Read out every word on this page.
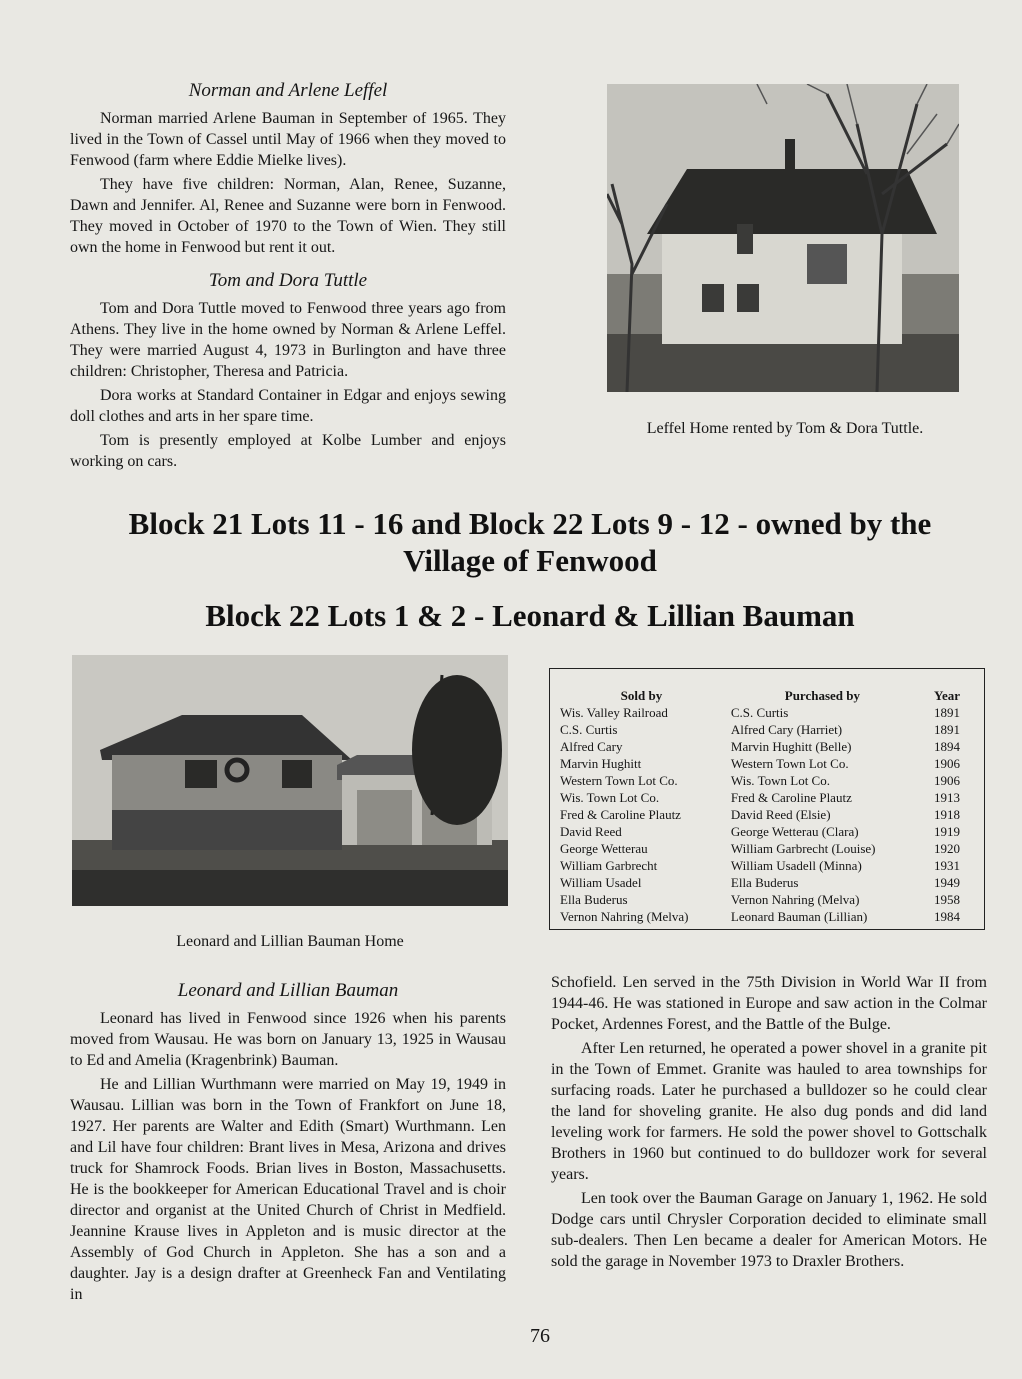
Norman and Arlene Leffel

Norman married Arlene Bauman in September of 1965. They lived in the Town of Cassel until May of 1966 when they moved to Fenwood (farm where Eddie Mielke lives).

They have five children: Norman, Alan, Renee, Suzanne, Dawn and Jennifer. Al, Renee and Suzanne were born in Fenwood. They moved in October of 1970 to the Town of Wien. They still own the home in Fenwood but rent it out.

Tom and Dora Tuttle

Tom and Dora Tuttle moved to Fenwood three years ago from Athens. They live in the home owned by Norman & Arlene Leffel. They were married August 4, 1973 in Burlington and have three children: Christopher, Theresa and Patricia.

Dora works at Standard Container in Edgar and enjoys sewing doll clothes and arts in her spare time.

Tom is presently employed at Kolbe Lumber and enjoys working on cars.

Leffel Home rented by Tom & Dora Tuttle.
Block 21 Lots 11 - 16 and Block 22 Lots 9 - 12 - owned by the Village of Fenwood
Block 22 Lots 1 & 2 - Leonard & Lillian Bauman
Leonard and Lillian Bauman Home
Sold by	Purchased by	Year
Wis. Valley Railroad	C.S. Curtis	1891
C.S. Curtis	Alfred Cary (Harriet)	1891
Alfred Cary	Marvin Hughitt (Belle)	1894
Marvin Hughitt	Western Town Lot Co.	1906
Western Town Lot Co.	Wis. Town Lot Co.	1906
Wis. Town Lot Co.	Fred & Caroline Plautz	1913
Fred & Caroline Plautz	David Reed (Elsie)	1918
David Reed	George Wetterau (Clara)	1919
George Wetterau	William Garbrecht (Louise)	1920
William Garbrecht	William Usadell (Minna)	1931
William Usadel	Ella Buderus	1949
Ella Buderus	Vernon Nahring (Melva)	1958
Vernon Nahring (Melva)	Leonard Bauman (Lillian)	1984
Leonard and Lillian Bauman

Leonard has lived in Fenwood since 1926 when his parents moved from Wausau. He was born on January 13, 1925 in Wausau to Ed and Amelia (Kragenbrink) Bauman.

He and Lillian Wurthmann were married on May 19, 1949 in Wausau. Lillian was born in the Town of Frankfort on June 18, 1927. Her parents are Walter and Edith (Smart) Wurthmann. Len and Lil have four children: Brant lives in Mesa, Arizona and drives truck for Shamrock Foods. Brian lives in Boston, Massachusetts. He is the bookkeeper for American Educational Travel and is choir director and organist at the United Church of Christ in Medfield. Jeannine Krause lives in Appleton and is music director at the Assembly of God Church in Appleton. She has a son and a daughter. Jay is a design drafter at Greenheck Fan and Ventilating in

Schofield. Len served in the 75th Division in World War II from 1944-46. He was stationed in Europe and saw action in the Colmar Pocket, Ardennes Forest, and the Battle of the Bulge.

After Len returned, he operated a power shovel in a granite pit in the Town of Emmet. Granite was hauled to area townships for surfacing roads. Later he purchased a bulldozer so he could clear the land for shoveling granite. He also dug ponds and did land leveling work for farmers. He sold the power shovel to Gottschalk Brothers in 1960 but continued to do bulldozer work for several years.

Len took over the Bauman Garage on January 1, 1962. He sold Dodge cars until Chrysler Corporation decided to eliminate small sub-dealers. Then Len became a dealer for American Motors. He sold the garage in November 1973 to Draxler Brothers.

76
